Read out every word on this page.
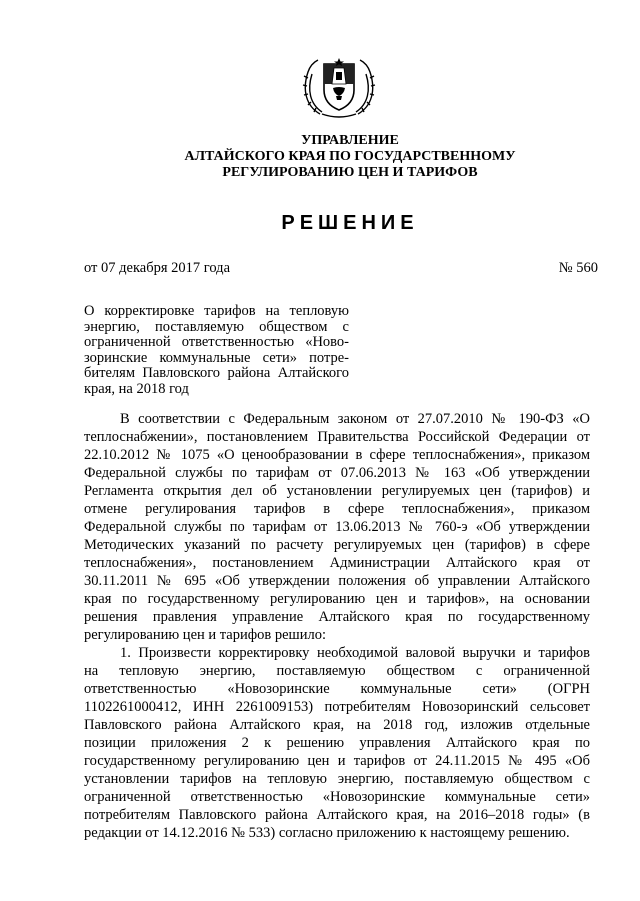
УПРАВЛЕНИЕ
АЛТАЙСКОГО КРАЯ ПО ГОСУДАРСТВЕННОМУ
РЕГУЛИРОВАНИЮ ЦЕН И ТАРИФОВ
РЕШЕНИЕ
от 07 декабря 2017 года	№ 560
О корректировке тарифов на тепловую
энергию, поставляемую обществом с
ограниченной ответственностью «Ново-
зоринские коммунальные сети» потре-
бителям Павловского района Алтайского
края, на 2018 год
В соответствии с Федеральным законом от 27.07.2010 № 190-ФЗ «О
теплоснабжении», постановлением Правительства Российской Федерации от
22.10.2012 № 1075 «О ценообразовании в сфере теплоснабжения», приказом
Федеральной службы по тарифам от 07.06.2013 № 163 «Об утверждении
Регламента открытия дел об установлении регулируемых цен (тарифов) и
отмене регулирования тарифов в сфере теплоснабжения», приказом
Федеральной службы по тарифам от 13.06.2013 № 760-э «Об утверждении
Методических указаний по расчету регулируемых цен (тарифов) в сфере
теплоснабжения», постановлением Администрации Алтайского края от
30.11.2011 № 695 «Об утверждении положения об управлении Алтайского
края по государственному регулированию цен и тарифов», на основании
решения правления управление Алтайского края по государственному
регулированию цен и тарифов решило:
1. Произвести корректировку необходимой валовой выручки и тарифов
на тепловую энергию, поставляемую обществом с ограниченной
ответственностью «Новозоринские коммунальные сети» (ОГРН
1102261000412, ИНН 2261009153) потребителям Новозоринский сельсовет
Павловского района Алтайского края, на 2018 год, изложив отдельные
позиции приложения 2 к решению управления Алтайского края по
государственному регулированию цен и тарифов от 24.11.2015 № 495 «Об
установлении тарифов на тепловую энергию, поставляемую обществом с
ограниченной ответственностью «Новозоринские коммунальные сети»
потребителям Павловского района Алтайского края, на 2016–2018 годы» (в
редакции от 14.12.2016 № 533) согласно приложению к настоящему решению.
